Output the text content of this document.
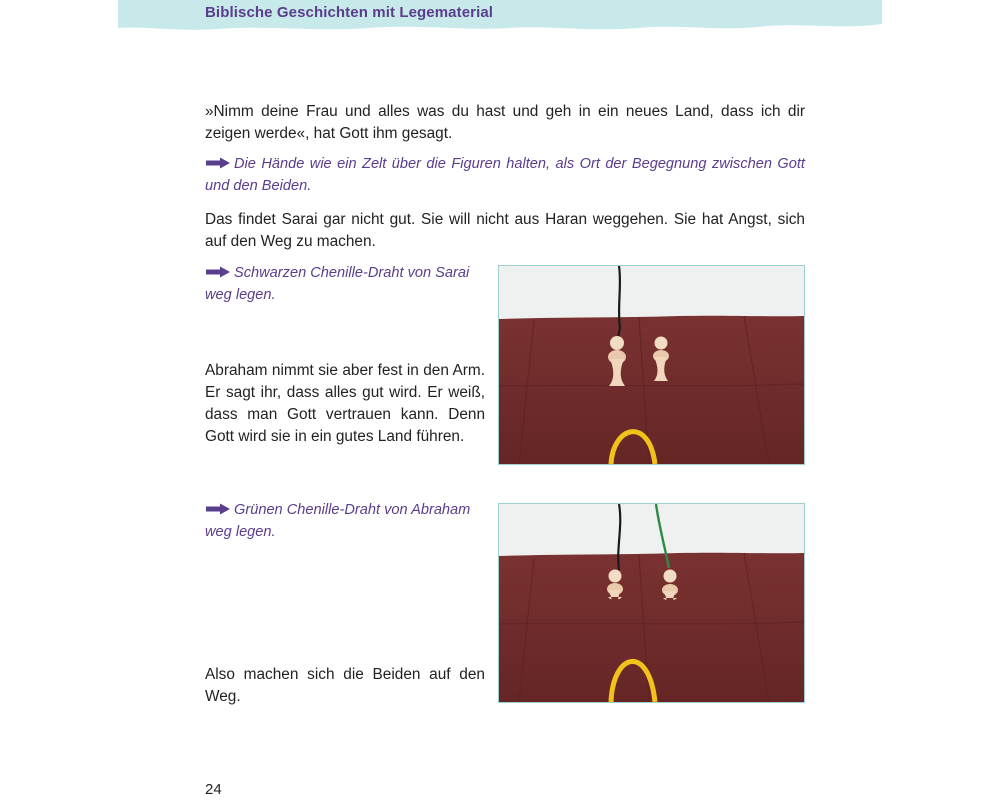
Biblische Geschichten mit Legematerial

»Nimm deine Frau und alles was du hast und geh in ein neues Land, dass ich dir zeigen werde«, hat Gott ihm gesagt.

Die Hände wie ein Zelt über die Figuren halten, als Ort der Begegnung zwischen Gott und den Beiden.

Das findet Sarai gar nicht gut. Sie will nicht aus Haran weggehen. Sie hat Angst, sich auf den Weg zu machen.

Schwarzen Chenille-Draht von Sarai weg legen.

Abraham nimmt sie aber fest in den Arm. Er sagt ihr, dass alles gut wird. Er weiß, dass man Gott vertrauen kann. Denn Gott wird sie in ein gutes Land führen.

Grünen Chenille-Draht von Abraham weg legen.

Also machen sich die Beiden auf den Weg.

24
